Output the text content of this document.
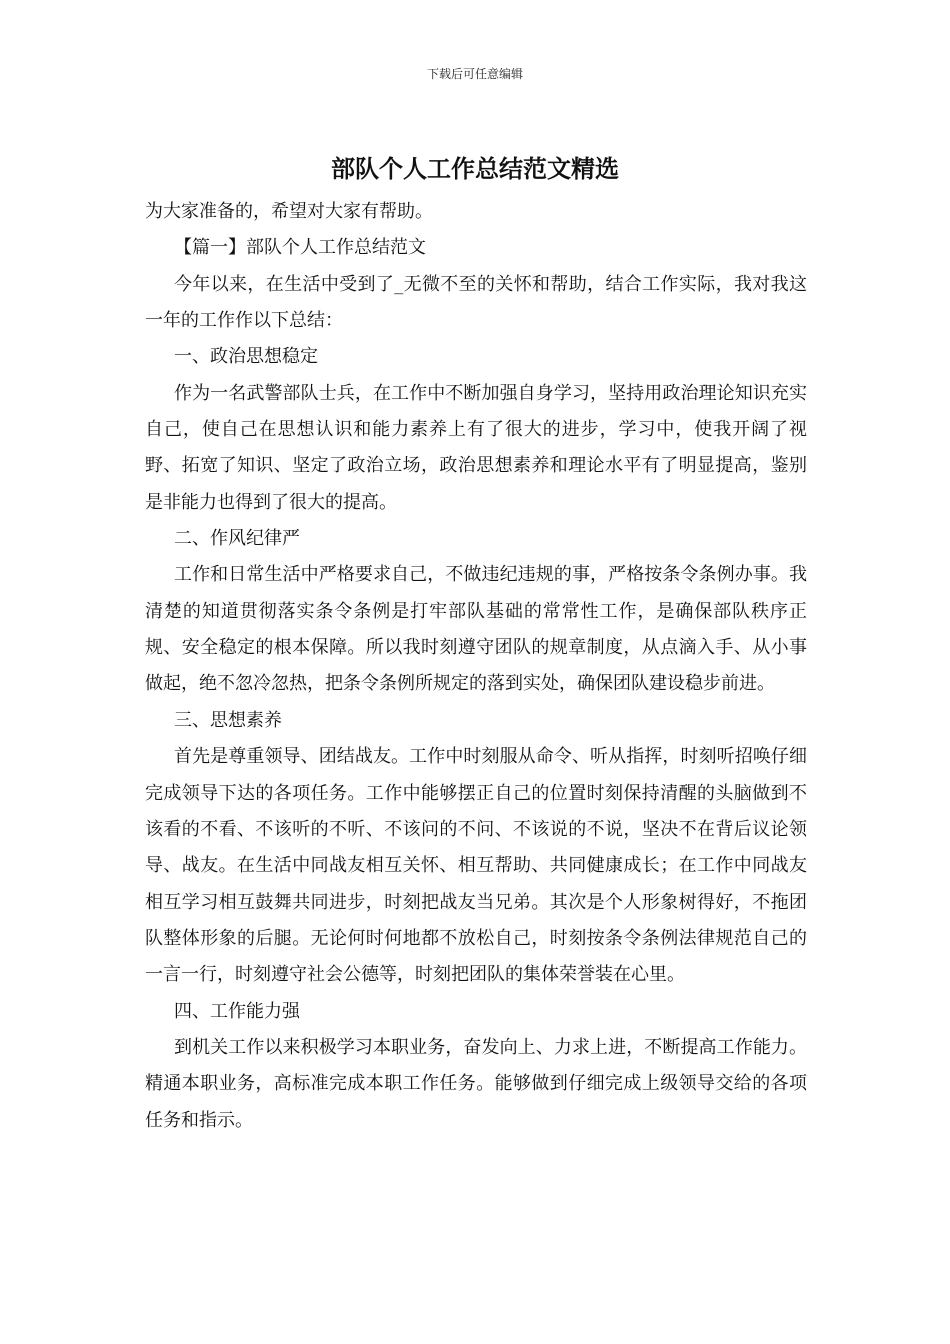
下载后可任意编辑
部队个人工作总结范文精选

为大家准备的，希望对大家有帮助。

【篇一】部队个人工作总结范文

今年以来，在生活中受到了_无微不至的关怀和帮助，结合工作实际，我对我这一年的工作作以下总结：

一、政治思想稳定

作为一名武警部队士兵，在工作中不断加强自身学习，坚持用政治理论知识充实自己，使自己在思想认识和能力素养上有了很大的进步，学习中，使我开阔了视野、拓宽了知识、坚定了政治立场，政治思想素养和理论水平有了明显提高，鉴别是非能力也得到了很大的提高。

二、作风纪律严

工作和日常生活中严格要求自己，不做违纪违规的事，严格按条令条例办事。我清楚的知道贯彻落实条令条例是打牢部队基础的常常性工作，是确保部队秩序正规、安全稳定的根本保障。所以我时刻遵守团队的规章制度，从点滴入手、从小事做起，绝不忽冷忽热，把条令条例所规定的落到实处，确保团队建设稳步前进。

三、思想素养

首先是尊重领导、团结战友。工作中时刻服从命令、听从指挥，时刻听招唤仔细完成领导下达的各项任务。工作中能够摆正自己的位置时刻保持清醒的头脑做到不该看的不看、不该听的不听、不该问的不问、不该说的不说，坚决不在背后议论领导、战友。在生活中同战友相互关怀、相互帮助、共同健康成长；在工作中同战友相互学习相互鼓舞共同进步，时刻把战友当兄弟。其次是个人形象树得好，不拖团队整体形象的后腿。无论何时何地都不放松自己，时刻按条令条例法律规范自己的一言一行，时刻遵守社会公德等，时刻把团队的集体荣誉装在心里。

四、工作能力强

到机关工作以来积极学习本职业务，奋发向上、力求上进，不断提高工作能力。精通本职业务，高标准完成本职工作任务。能够做到仔细完成上级领导交给的各项任务和指示。
